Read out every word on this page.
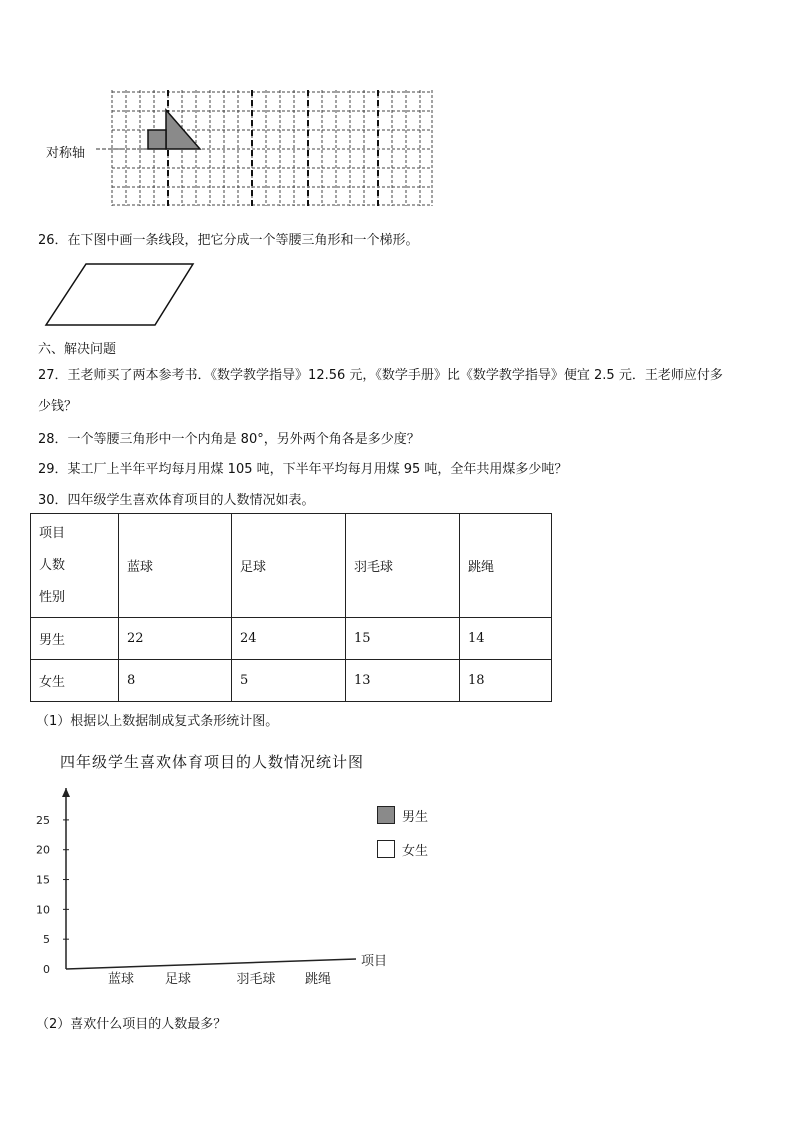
对称轴
26．在下图中画一条线段，把它分成一个等腰三角形和一个梯形。
六、解决问题
27．王老师买了两本参考书．《数学教学指导》12.56 元，《数学手册》比《数学教学指导》便宜 2.5 元．王老师应付多
少钱？
28．一个等腰三角形中一个内角是 80°，另外两个角各是多少度？
29．某工厂上半年平均每月用煤 105 吨，下半年平均每月用煤 95 吨，全年共用煤多少吨？
30．四年级学生喜欢体育项目的人数情况如表。
项目
人数
性别	蓝球	足球	羽毛球	跳绳
男生	22	24	15	14
女生	8	5	13	18
（1）根据以上数据制成复式条形统计图。
四年级学生喜欢体育项目的人数情况统计图
0
5
10
15
20
25
蓝球 足球	羽毛球 跳绳
项目
男生
女生
（2）喜欢什么项目的人数最多？
